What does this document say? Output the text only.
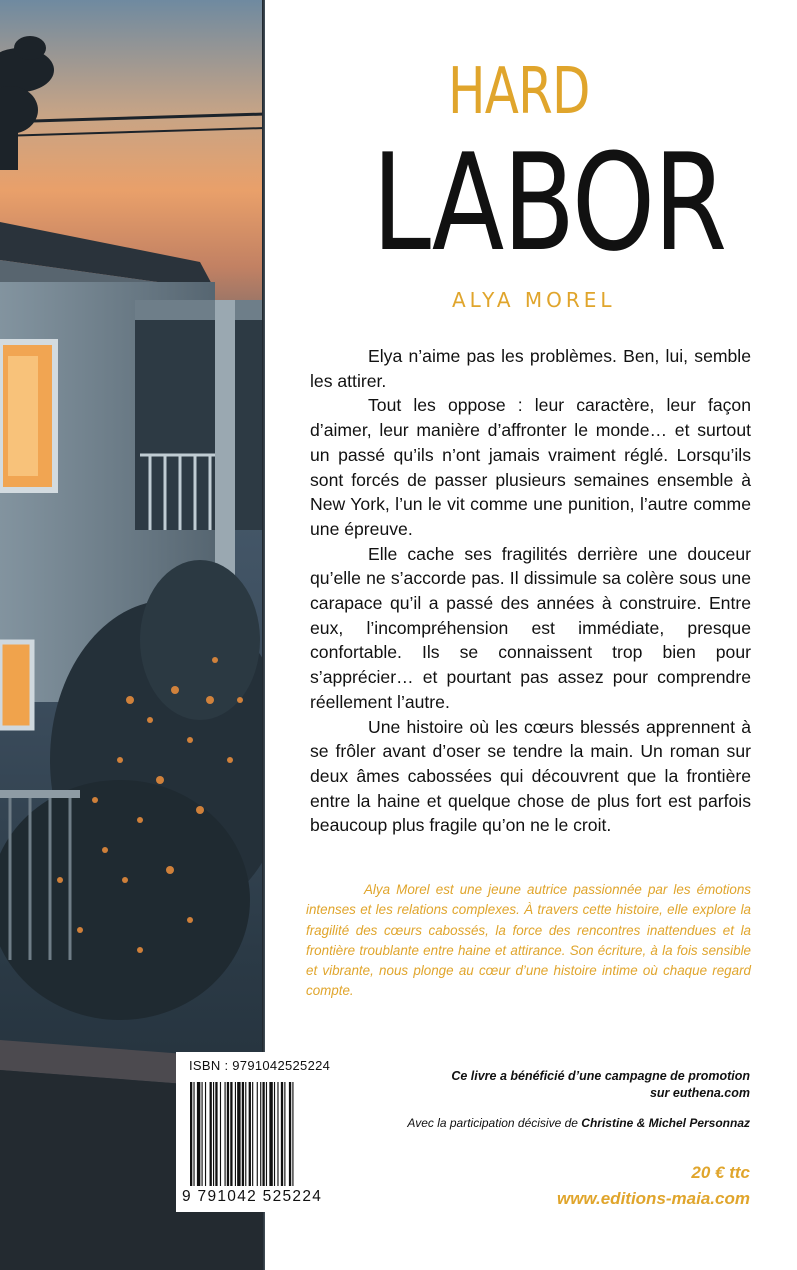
HARD
LABOR
ALYA MOREL

Elya n’aime pas les problèmes. Ben, lui, semble les attirer.

Tout les oppose : leur caractère, leur façon d’aimer, leur manière d’affronter le monde… et surtout un passé qu’ils n’ont jamais vraiment réglé. Lorsqu’ils sont forcés de passer plusieurs semaines ensemble à New York, l’un le vit comme une punition, l’autre comme une épreuve.

Elle cache ses fragilités derrière une douceur qu’elle ne s’accorde pas. Il dissimule sa colère sous une carapace qu’il a passé des années à construire. Entre eux, l’incompréhension est immédiate, presque confortable. Ils se connaissent trop bien pour s’apprécier… et pourtant pas assez pour comprendre réellement l’autre.

Une histoire où les cœurs blessés apprennent à se frôler avant d’oser se tendre la main. Un roman sur deux âmes cabossées qui découvrent que la frontière entre la haine et quelque chose de plus fort est parfois beaucoup plus fragile qu’on ne le croit.

Alya Morel est une jeune autrice passionnée par les émotions intenses et les relations complexes. À travers cette histoire, elle explore la fragilité des cœurs cabossés, la force des rencontres inattendues et la frontière troublante entre haine et attirance. Son écriture, à la fois sensible et vibrante, nous plonge au cœur d’une histoire intime où chaque regard compte.

ISBN : 9791042525224
9 791042 525224
Ce livre a bénéficié d’une campagne de promotion
sur euthena.com
Avec la participation décisive de Christine & Michel Personnaz
20 € ttc
www.editions-maia.com
